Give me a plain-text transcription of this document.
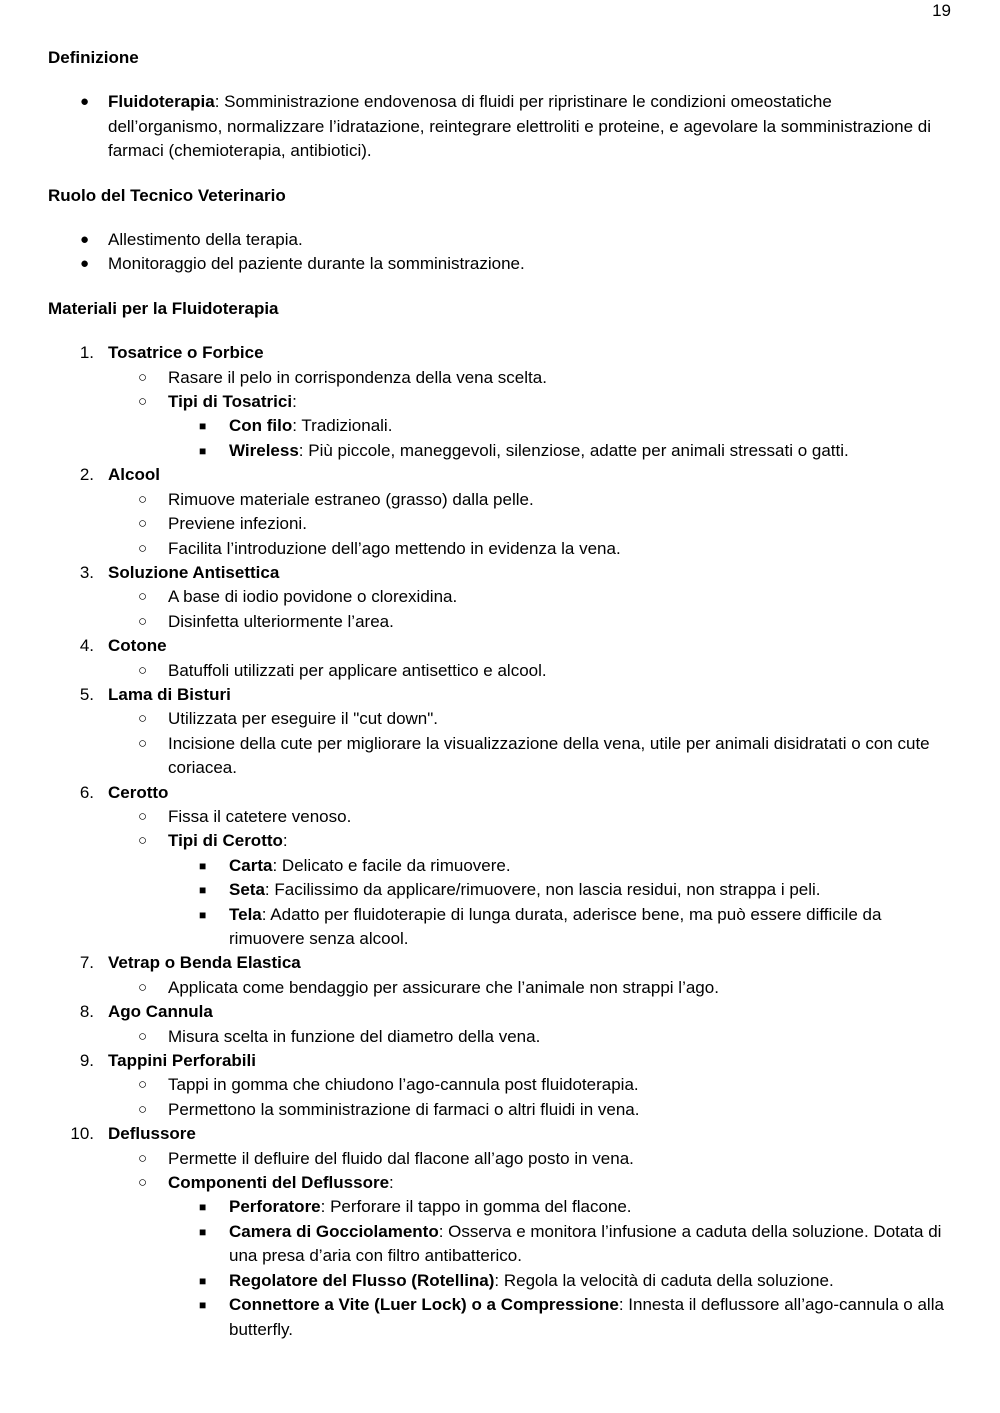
19
Definizione
● Fluidoterapia: Somministrazione endovenosa di fluidi per ripristinare le condizioni omeostatiche dell’organismo, normalizzare l’idratazione, reintegrare elettroliti e proteine, e agevolare la somministrazione di farmaci (chemioterapia, antibiotici).
Ruolo del Tecnico Veterinario
● Allestimento della terapia.
● Monitoraggio del paziente durante la somministrazione.
Materiali per la Fluidoterapia
1. Tosatrice o Forbice
○ Rasare il pelo in corrispondenza della vena scelta.
○ Tipi di Tosatrici:
■ Con filo: Tradizionali.
■ Wireless: Più piccole, maneggevoli, silenziose, adatte per animali stressati o gatti.
2. Alcool
○ Rimuove materiale estraneo (grasso) dalla pelle.
○ Previene infezioni.
○ Facilita l’introduzione dell’ago mettendo in evidenza la vena.
3. Soluzione Antisettica
○ A base di iodio povidone o clorexidina.
○ Disinfetta ulteriormente l’area.
4. Cotone
○ Batuffoli utilizzati per applicare antisettico e alcool.
5. Lama di Bisturi
○ Utilizzata per eseguire il "cut down".
○ Incisione della cute per migliorare la visualizzazione della vena, utile per animali disidratati o con cute coriacea.
6. Cerotto
○ Fissa il catetere venoso.
○ Tipi di Cerotto:
■ Carta: Delicato e facile da rimuovere.
■ Seta: Facilissimo da applicare/rimuovere, non lascia residui, non strappa i peli.
■ Tela: Adatto per fluidoterapie di lunga durata, aderisce bene, ma può essere difficile da rimuovere senza alcool.
7. Vetrap o Benda Elastica
○ Applicata come bendaggio per assicurare che l’animale non strappi l’ago.
8. Ago Cannula
○ Misura scelta in funzione del diametro della vena.
9. Tappini Perforabili
○ Tappi in gomma che chiudono l’ago-cannula post fluidoterapia.
○ Permettono la somministrazione di farmaci o altri fluidi in vena.
10. Deflussore
○ Permette il defluire del fluido dal flacone all’ago posto in vena.
○ Componenti del Deflussore:
■ Perforatore: Perforare il tappo in gomma del flacone.
■ Camera di Gocciolamento: Osserva e monitora l’infusione a caduta della soluzione. Dotata di una presa d’aria con filtro antibatterico.
■ Regolatore del Flusso (Rotellina): Regola la velocità di caduta della soluzione.
■ Connettore a Vite (Luer Lock) o a Compressione: Innesta il deflussore all’ago-cannula o alla butterfly.
